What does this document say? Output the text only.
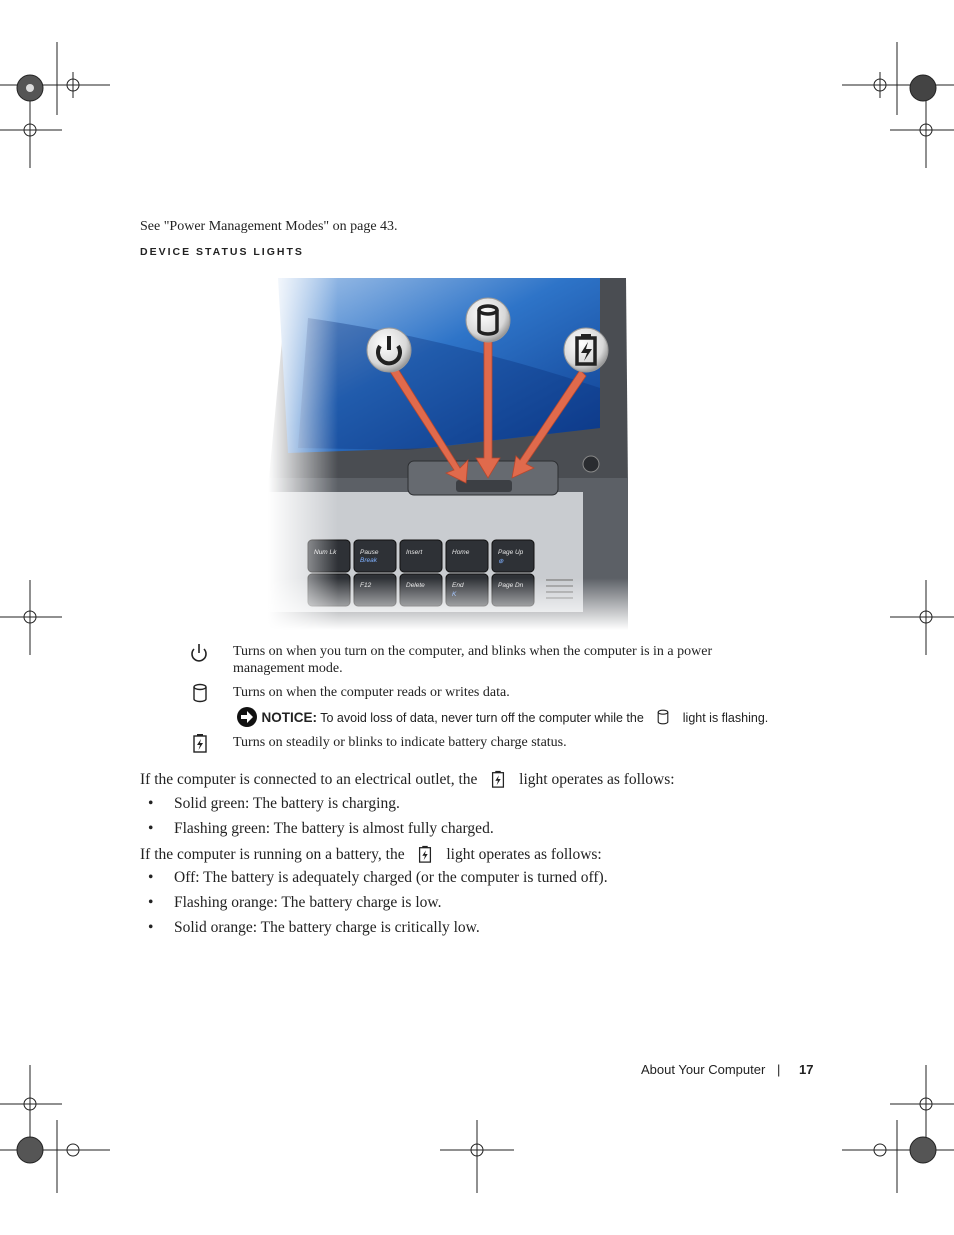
See "Power Management Modes" on page 43.
DEVICE STATUS LIGHTS
Pause
Break
Insert	Home	Page Up
⊕
Turns on when you turn on the computer, and blinks when the computer is in a power
management mode.
Turns on when the computer reads or writes data.
NOTICE: To avoid loss of data, never turn off the computer while the	light is flashing.
Turns on steadily or blinks to indicate battery charge status.
If the computer is connected to an electrical outlet, the	light operates as follows:
• Solid green: The battery is charging.
• Flashing green: The battery is almost fully charged.
If the computer is running on a battery, the	light operates as follows:
• Off: The battery is adequately charged (or the computer is turned off).
• Flashing orange: The battery charge is low.
• Solid orange: The battery charge is critically low.
About Your Computer | 17
